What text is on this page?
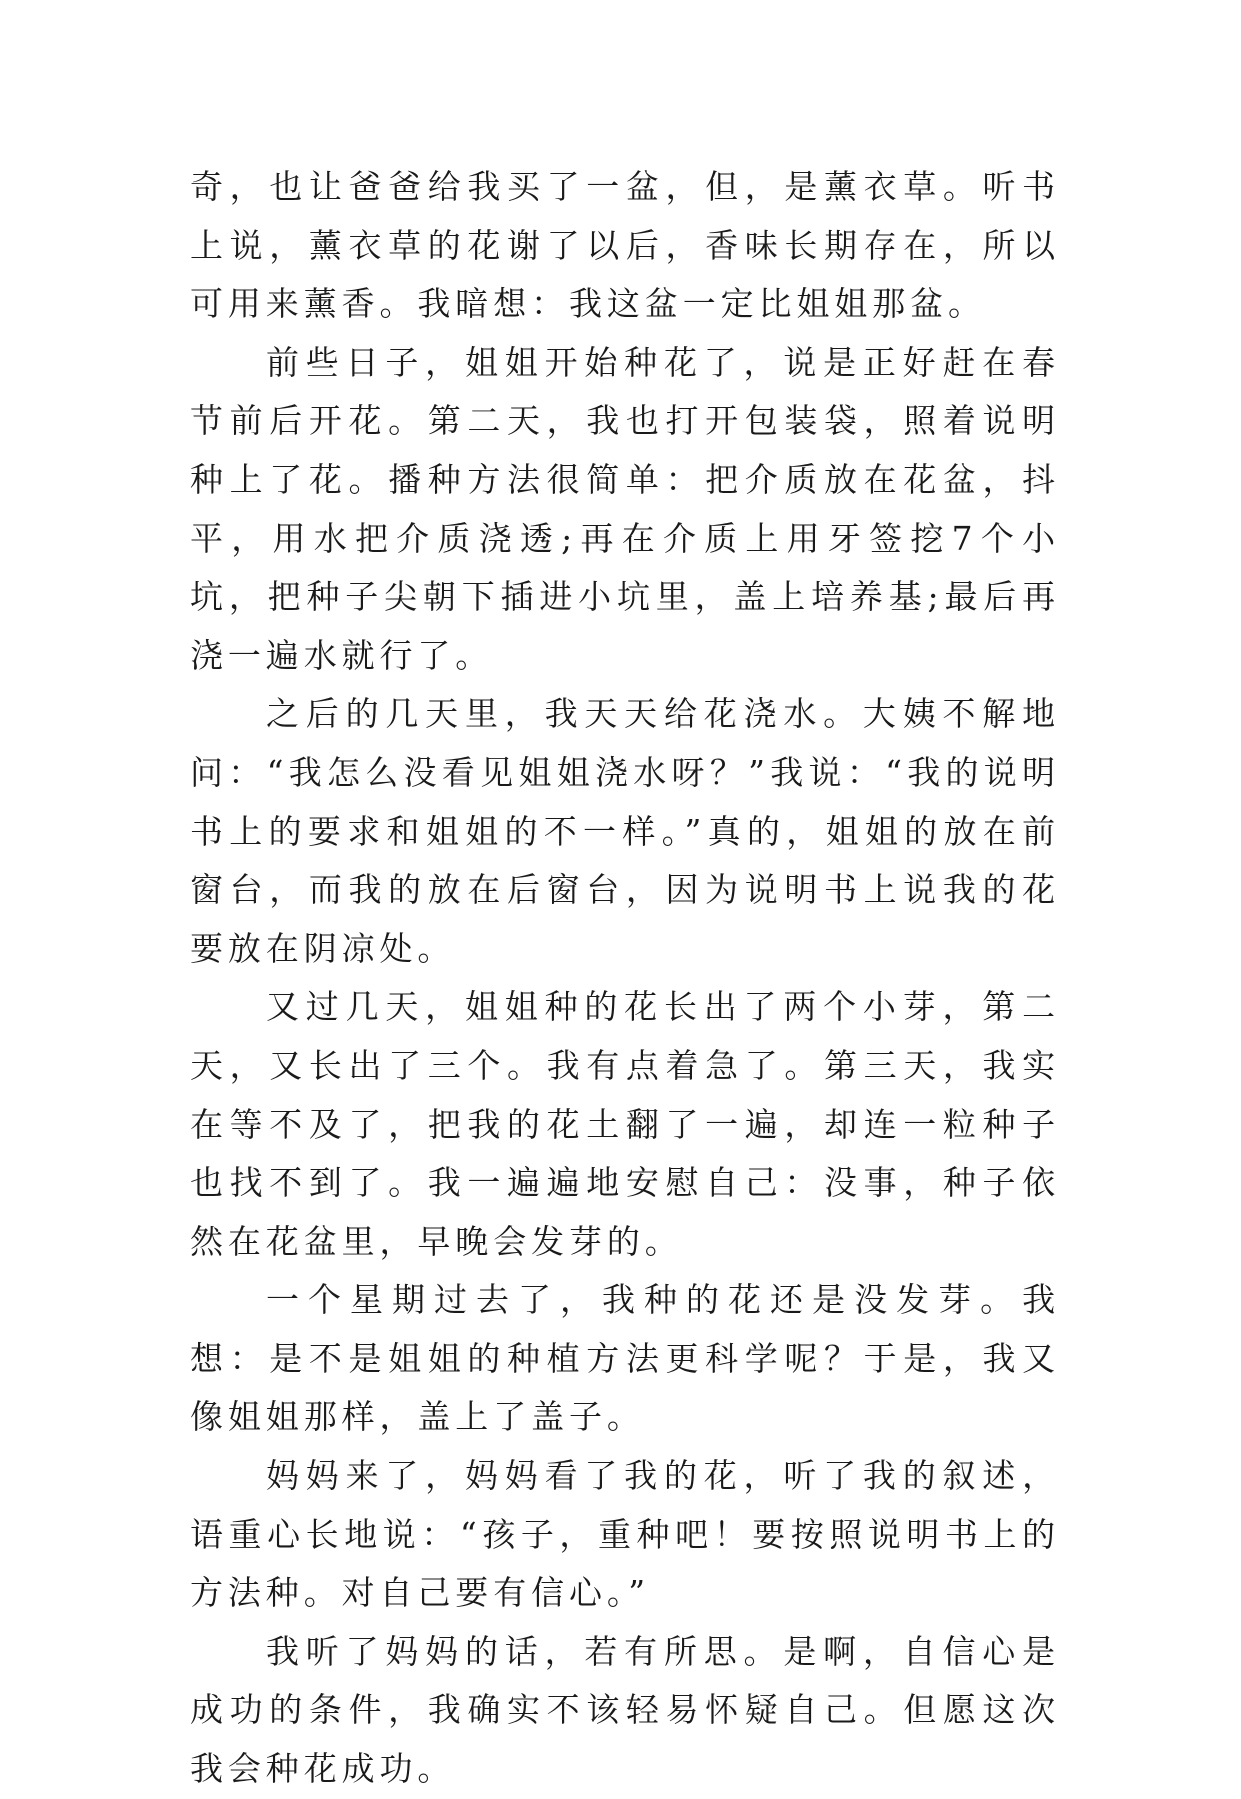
奇，也让爸爸给我买了一盆，但，是薰衣草。听书上说，薰衣草的花谢了以后，香味长期存在，所以可用来薰香。我暗想：我这盆一定比姐姐那盆。

前些日子，姐姐开始种花了，说是正好赶在春节前后开花。第二天，我也打开包装袋，照着说明种上了花。播种方法很简单：把介质放在花盆，抖平，用水把介质浇透;再在介质上用牙签挖7个小坑，把种子尖朝下插进小坑里，盖上培养基;最后再浇一遍水就行了。

之后的几天里，我天天给花浇水。大姨不解地问：“我怎么没看见姐姐浇水呀？”我说：“我的说明书上的要求和姐姐的不一样。”真的，姐姐的放在前窗台，而我的放在后窗台，因为说明书上说我的花要放在阴凉处。

又过几天，姐姐种的花长出了两个小芽，第二天，又长出了三个。我有点着急了。第三天，我实在等不及了，把我的花土翻了一遍，却连一粒种子也找不到了。我一遍遍地安慰自己：没事，种子依然在花盆里，早晚会发芽的。

一个星期过去了，我种的花还是没发芽。我想：是不是姐姐的种植方法更科学呢？于是，我又像姐姐那样，盖上了盖子。

妈妈来了，妈妈看了我的花，听了我的叙述，语重心长地说：“孩子，重种吧！要按照说明书上的方法种。对自己要有信心。”

我听了妈妈的话，若有所思。是啊，自信心是成功的条件，我确实不该轻易怀疑自己。但愿这次我会种花成功。
